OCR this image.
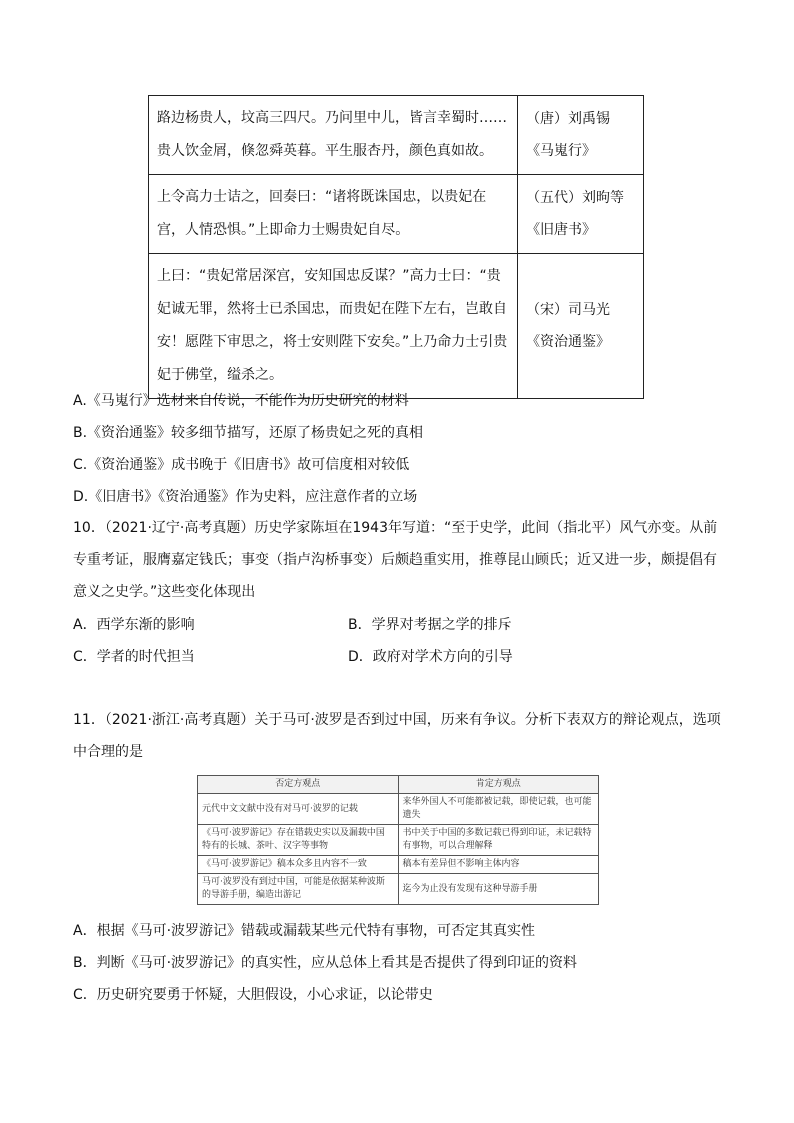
路边杨贵人，坟高三四尺。乃问里中儿，皆言幸蜀时……贵人饮金屑，倏忽舜英暮。平生服杏丹，颜色真如故。	（唐）刘禹锡《马嵬行》
上令高力士诘之，回奏曰：“诸将既诛国忠，以贵妃在宫，人情恐惧。”上即命力士赐贵妃自尽。	（五代）刘昫等《旧唐书》
上曰：“贵妃常居深宫，安知国忠反谋？”高力士曰：“贵妃诚无罪，然将士已杀国忠，而贵妃在陛下左右，岂敢自安！愿陛下审思之，将士安则陛下安矣。”上乃命力士引贵妃于佛堂，缢杀之。	（宋）司马光《资治通鉴》
A.《马嵬行》选材来自传说，不能作为历史研究的材料
B.《资治通鉴》较多细节描写，还原了杨贵妃之死的真相
C.《资治通鉴》成书晚于《旧唐书》故可信度相对较低
D.《旧唐书》《资治通鉴》作为史料，应注意作者的立场
10．（2021·辽宁·高考真题）历史学家陈垣在1943年写道：“至于史学，此间（指北平）风气亦变。从前专重考证，服膺嘉定钱氏；事变（指卢沟桥事变）后颇趋重实用，推尊昆山顾氏；近又进一步，颇提倡有意义之史学。”这些变化体现出
A．西学东渐的影响	B．学界对考据之学的排斥
C．学者的时代担当	D．政府对学术方向的引导
11．（2021·浙江·高考真题）关于马可·波罗是否到过中国，历来有争议。分析下表双方的辩论观点，选项中合理的是
否定方观点	肯定方观点
元代中文文献中没有对马可·波罗的记载	来华外国人不可能都被记载，即使记载，也可能遗失
《马可·波罗游记》存在错载史实以及漏载中国特有的长城、茶叶、汉字等事物	书中关于中国的多数记载已得到印证，未记载特有事物，可以合理解释
《马可·波罗游记》稿本众多且内容不一致	稿本有差异但不影响主体内容
马可·波罗没有到过中国，可能是依据某种波斯的导游手册，编造出游记	迄今为止没有发现有这种导游手册
A．根据《马可·波罗游记》错载或漏载某些元代特有事物，可否定其真实性
B．判断《马可·波罗游记》的真实性，应从总体上看其是否提供了得到印证的资料
C．历史研究要勇于怀疑，大胆假设，小心求证，以论带史
